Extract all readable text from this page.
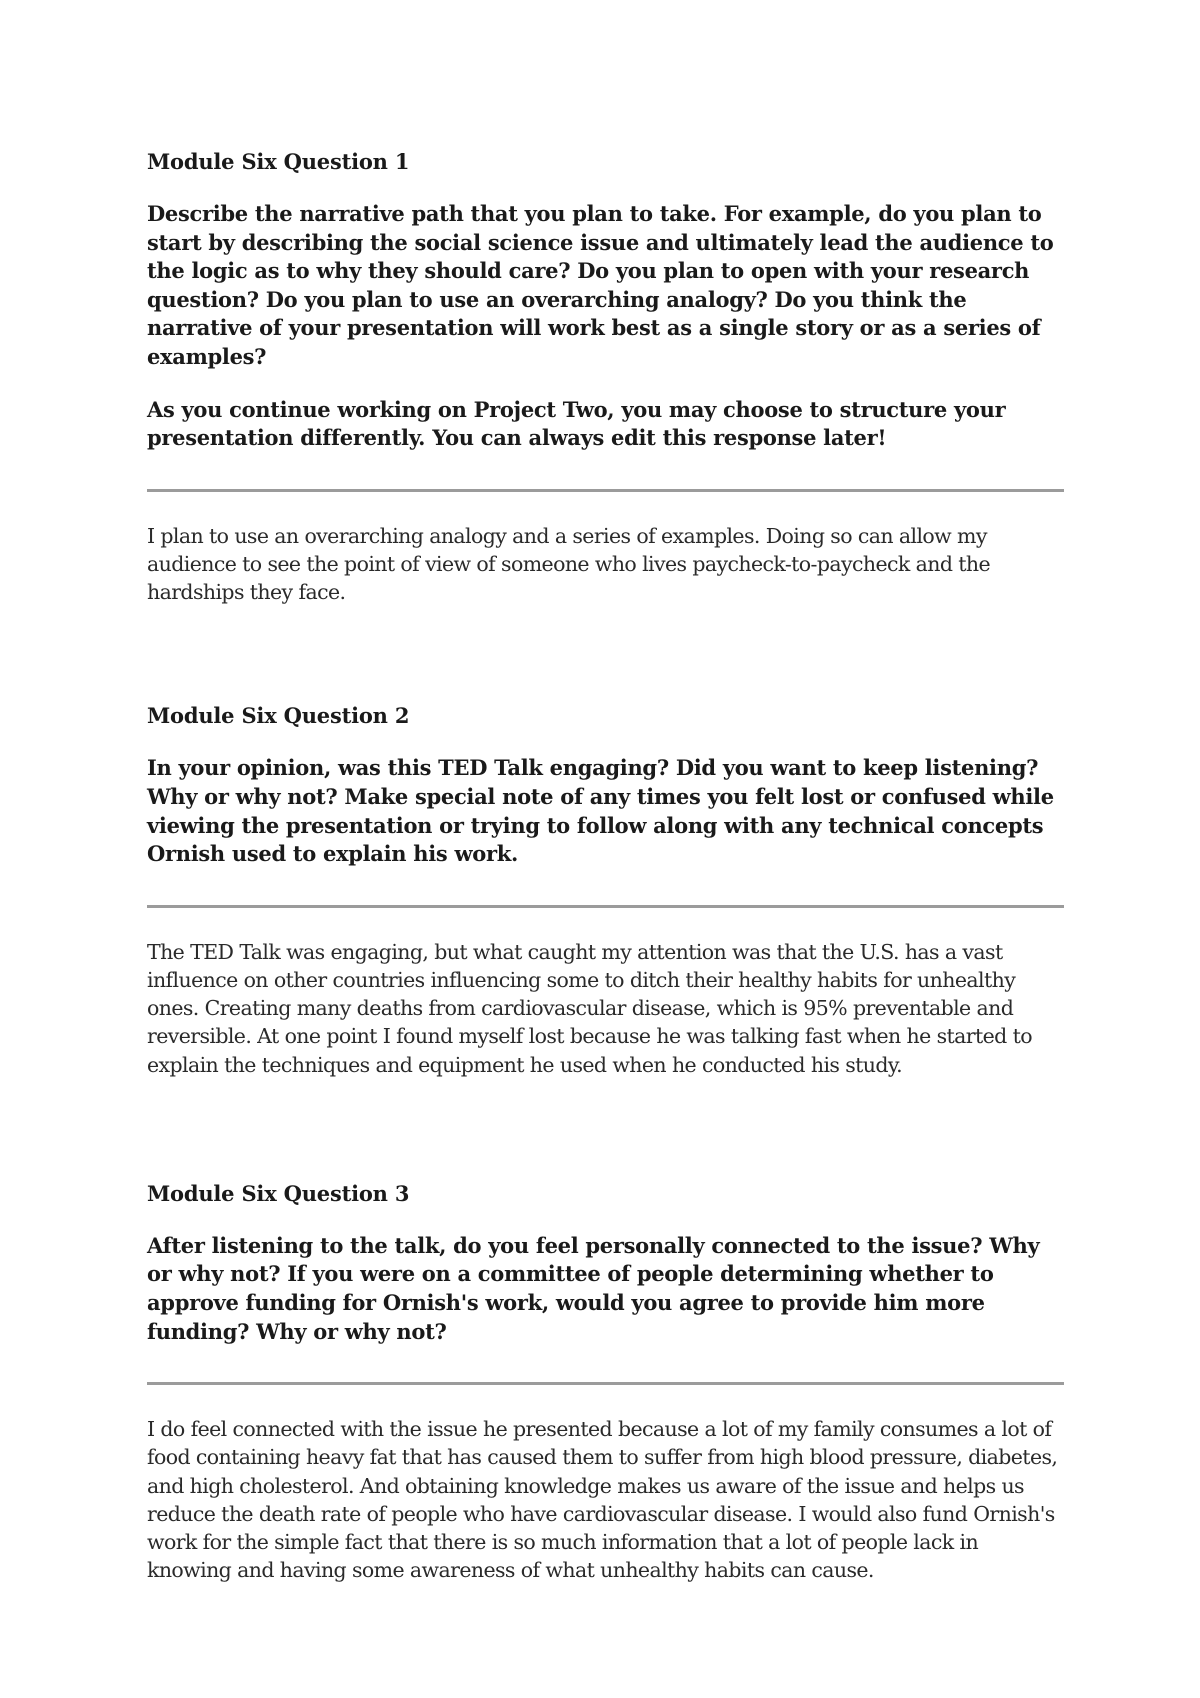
Module Six Question 1

Describe the narrative path that you plan to take. For example, do you plan to start by describing the social science issue and ultimately lead the audience to the logic as to why they should care? Do you plan to open with your research question? Do you plan to use an overarching analogy? Do you think the narrative of your presentation will work best as a single story or as a series of examples?

As you continue working on Project Two, you may choose to structure your presentation differently. You can always edit this response later!

I plan to use an overarching analogy and a series of examples. Doing so can allow my audience to see the point of view of someone who lives paycheck-to-paycheck and the hardships they face.

Module Six Question 2

In your opinion, was this TED Talk engaging? Did you want to keep listening? Why or why not? Make special note of any times you felt lost or confused while viewing the presentation or trying to follow along with any technical concepts Ornish used to explain his work.

The TED Talk was engaging, but what caught my attention was that the U.S. has a vast influence on other countries influencing some to ditch their healthy habits for unhealthy ones. Creating many deaths from cardiovascular disease, which is 95% preventable and reversible. At one point I found myself lost because he was talking fast when he started to explain the techniques and equipment he used when he conducted his study.

Module Six Question 3

After listening to the talk, do you feel personally connected to the issue? Why or why not? If you were on a committee of people determining whether to approve funding for Ornish's work, would you agree to provide him more funding? Why or why not?

I do feel connected with the issue he presented because a lot of my family consumes a lot of food containing heavy fat that has caused them to suffer from high blood pressure, diabetes, and high cholesterol. And obtaining knowledge makes us aware of the issue and helps us reduce the death rate of people who have cardiovascular disease. I would also fund Ornish's work for the simple fact that there is so much information that a lot of people lack in knowing and having some awareness of what unhealthy habits can cause.
